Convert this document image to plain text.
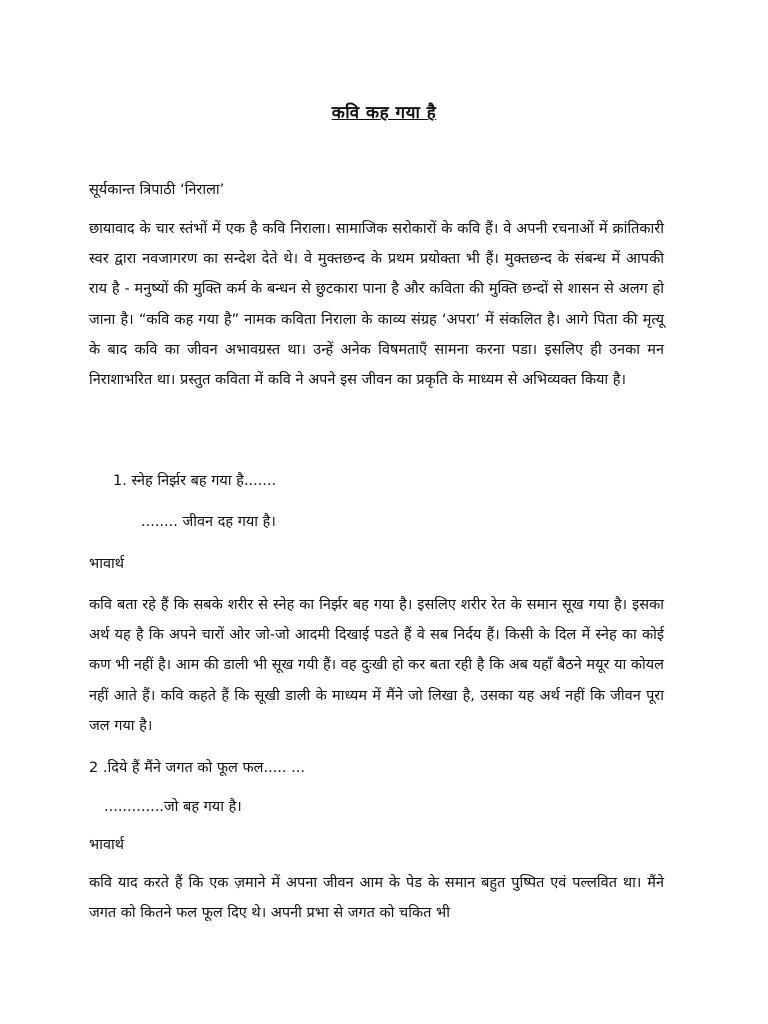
कवि कह गया है
सूर्यकान्त त्रिपाठी ‘निराला’

छायावाद के चार स्तंभों में एक है कवि निराला। सामाजिक सरोकारों के कवि हैं। वे अपनी रचनाओं में क्रांतिकारी स्वर द्वारा नवजागरण का सन्देश देते थे। वे मुक्तछन्द के प्रथम प्रयोक्ता भी हैं। मुक्तछन्द के संबन्ध में आपकी राय है - मनुष्यों की मुक्ति कर्म के बन्धन से छुटकारा पाना है और कविता की मुक्ति छन्दों से शासन से अलग हो जाना है। “कवि कह गया है” नामक कविता निराला के काव्य संग्रह ‘अपरा’ में संकलित है। आगे पिता की मृत्यू के बाद कवि का जीवन अभावग्रस्त था। उन्हें अनेक विषमताएँ सामना करना पडा। इसलिए ही उनका मन निराशाभरित था। प्रस्तुत कविता में कवि ने अपने इस जीवन का प्रकृति के माध्यम से अभिव्यक्त किया है।

1. स्नेह निर्झर बह गया है.......

........ जीवन दह गया है।

भावार्थ

कवि बता रहे हैं कि सबके शरीर से स्नेह का निर्झर बह गया है। इसलिए शरीर रेत के समान सूख गया है। इसका अर्थ यह है कि अपने चारों ओर जो-जो आदमी दिखाई पडते हैं वे सब निर्दय हैं। किसी के दिल में स्नेह का कोई कण भी नहीं है। आम की डाली भी सूख गयी हैं। वह दुःखी हो कर बता रही है कि अब यहाँ बैठने मयूर या कोयल नहीं आते हैं। कवि कहते हैं कि सूखी डाली के माध्यम में मैंने जो लिखा है, उसका यह अर्थ नहीं कि जीवन पूरा जल गया है।

2 .दिये हैं मैंने जगत को फूल फल..... ...

.............जो बह गया है।

भावार्थ

कवि याद करते हैं कि एक ज़माने में अपना जीवन आम के पेड के समान बहुत पुष्पित एवं पल्लवित था। मैंने जगत को कितने फल फूल दिए थे। अपनी प्रभा से जगत को चकित भी
